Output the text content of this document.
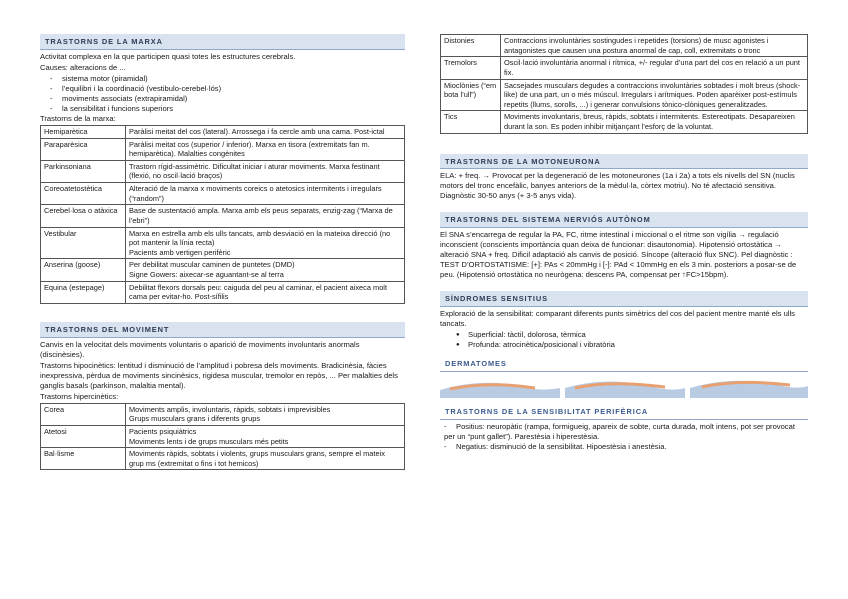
TRASTORNS DE LA MARXA

Activitat complexa en la que participen quasi totes les estructures cerebrals.

Causes: alteracions de ...

- sistema motor (piramidal)
- l’equilibri i la coordinació (vestibulo-cerebel·lós)
- moviments associats (extrapiramidal)
- la sensibilitat i funcions superiors

Trastorns de la marxa:

Hemiparètica	Paràlisi meitat del cos (lateral). Arrossega i fa cercle amb una cama. Post-ictal
Paraparèsica	Paràlisi meitat cos (superior / inferior). Marxa en tisora (extremitats fan m. hemiparètica). Malalties congènites
Parkinsoniana	Trastorn rígid-assimètric. Dificultat iniciar i aturar moviments. Marxa festinant (flexió, no oscil·lació braços)
Coreoatetostètica	Alteració de la marxa x moviments coreics o atetosics intermitents i irregulars (“random”)
Cerebel·losa o atàxica	Base de sustentació ampla. Marxa amb els peus separats, enzig-zag (“Marxa de l’ebri”)
Vestibular	Marxa en estrella amb els ulls tancats, amb desviació en la mateixa direcció (no pot mantenir la línia recta)
Pacients amb vertigen perifèric
Anserina (goose)	Per debilitat muscular caminen de puntetes (DMD)
Signe Gowers: aixecar-se aguantant-se al terra
Equina (estepage)	Debilitat flexors dorsals peu: caiguda del peu al caminar, el pacient aixeca molt cama per evitar-ho. Post-sífilis
TRASTORNS DEL MOVIMENT

Canvis en la velocitat dels moviments voluntaris o aparició de moviments involuntaris anormals (discinèsies).

Trastorns hipocinètics: lentitud i disminució de l’amplitud i pobresa dels moviments. Bradicinèsia, fàcies inexpressiva, pèrdua de moviments sincinèsics, rigidesa muscular, tremolor en repòs, ... Per malalties dels ganglis basals (parkinson, malaltia mental).

Trastorns hipercinètics:

Corea	Moviments amplis, involuntaris, ràpids, sobtats i imprevisibles
Grups musculars grans i diferents grups
Atetosi	Pacients psiquiàtrics
Moviments lents i de grups musculars més petits
Bal·lisme	Moviments ràpids, sobtats i violents, grups musculars grans, sempre el mateix grup ms (extremitat o fins i tot hemicos)
Distonies	Contraccions involuntàries sostingudes i repetides (torsions) de musc agonistes i antagonistes que causen una postura anormal de cap, coll, extremitats o tronc
Tremolors	Oscil·lació involuntària anormal i rítmica, +/- regular d’una part del cos en relació a un punt fix.
Mioclònies (“em bota l’ull”)	Sacsejades musculars degudes a contraccions involuntàries sobtades i molt breus (shock-like) de una part, un o més múscul. Irregulars i arítmiques. Poden aparèixer post-estímuls repetits (llums, sorolls, ...) i generar convulsions tònico-clòniques generalitzades.
Tics	Moviments involuntaris, breus, ràpids, sobtats i intermitents. Estereotipats. Desapareixen durant la son. Es poden inhibir mitjançant l’esforç de la voluntat.
TRASTORNS DE LA MOTONEURONA

ELA: + freq. → Provocat per la degeneració de les motoneurones (1a i 2a) a tots els nivells del SN (nuclis motors del tronc encefàlic, banyes anteriors de la mèdul·la, còrtex motriu). No té afectació sensitiva. Diagnòstic 30-50 anys (+ 3-5 anys vida).

TRASTORNS DEL SISTEMA NERVIÓS AUTÒNOM

El SNA s’encarrega de regular la PA, FC, ritme intestinal i miccional o el ritme son vigília → regulació inconscient (conscients importància quan deixa de funcionar: disautonomia). Hipotensió ortostàtica → alteració SNA + freq. Dificil adaptació als canvis de posició. Síncope (alteració flux SNC). Pel diagnòstic : TEST D’ORTOSTATISME: [+]: PAs < 20mmHg i [-]: PAd < 10mmHg en els 3 min. posteriors a posar-se de peu. (Hipotensió ortostàtica no neurògena: descens PA, compensat per ↑FC>15bpm).

SÍNDROMES SENSITIUS

Exploració de la sensibilitat: comparant diferents punts simètrics del cos del pacient mentre manté els ulls tancats.

● Superficial: tàctil, dolorosa, tèrmica
● Profunda: atrocinètica/posicional i vibratòria
DERMATOMES
TRASTORNS DE LA SENSIBILITAT PERIFÈRICA
- Positius: neuropàtic (rampa, formigueig, apareix de sobte, curta durada, molt intens, pot ser provocat per un “punt gallet”). Parestèsia i hiperestèsia.
- Negatius: disminució de la sensibilitat. Hipoestèsia i anestèsia.
